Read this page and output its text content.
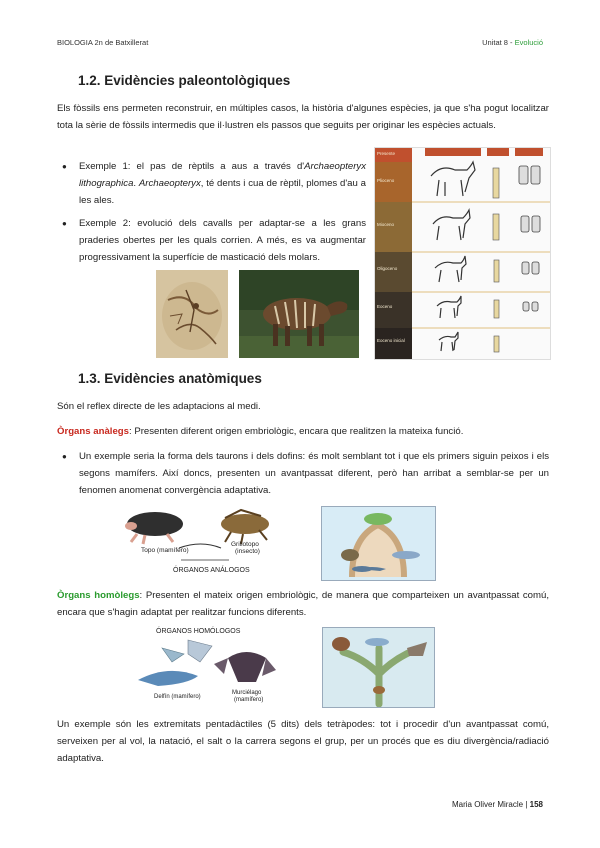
BIOLOGIA 2n de Batxillerat	Unitat 8 - Evolució
1.2. Evidències paleontològiques
Els fòssils ens permeten reconstruir, en múltiples casos, la història d'algunes espècies, ja que s'ha pogut localitzar tota la sèrie de fòssils intermedis que il·lustren els passos que seguits per originar les espècies actuals.
● Exemple 1: el pas de rèptils a aus a través d'Archaeopteryx lithographica. Archaeopteryx, té dents i cua de rèptil, plomes d'au a les ales.
● Exemple 2: evolució dels cavalls per adaptar-se a les grans praderies obertes per les quals corrien. A més, es va augmentar progressivament la superfície de masticació dels molars.
Presente
Plioceno
Mioceno
Oligoceno
Eoceno
Eoceno inicial
1.3. Evidències anatòmiques
Són el reflex directe de les adaptacions al medi.
Òrgans anàlegs: Presenten diferent origen embriològic, encara que realitzen la mateixa funció.
● Un exemple seria la forma dels taurons i dels dofins: és molt semblant tot i que els primers siguin peixos i els segons mamífers. Així doncs, presenten un avantpassat diferent, però han arribat a semblar-se per un fenomen anomenat convergència adaptativa.
Topo (mamífero)
Grillotopo
(insecto)
ÓRGANOS ANÁLOGOS
Òrgans homòlegs: Presenten el mateix origen embriològic, de manera que comparteixen un avantpassat comú, encara que s'hagin adaptat per realitzar funcions diferents.
ÓRGANOS HOMÓLOGOS
Delfín (mamífero)
Murciélago
(mamífero)
Un exemple són les extremitats pentadàctiles (5 dits) dels tetràpodes: tot i procedir d'un avantpassat comú, serveixen per al vol, la natació, el salt o la carrera segons el grup, per un procés que es diu divergència/radiació adaptativa.
Maria Oliver Miracle | 158
